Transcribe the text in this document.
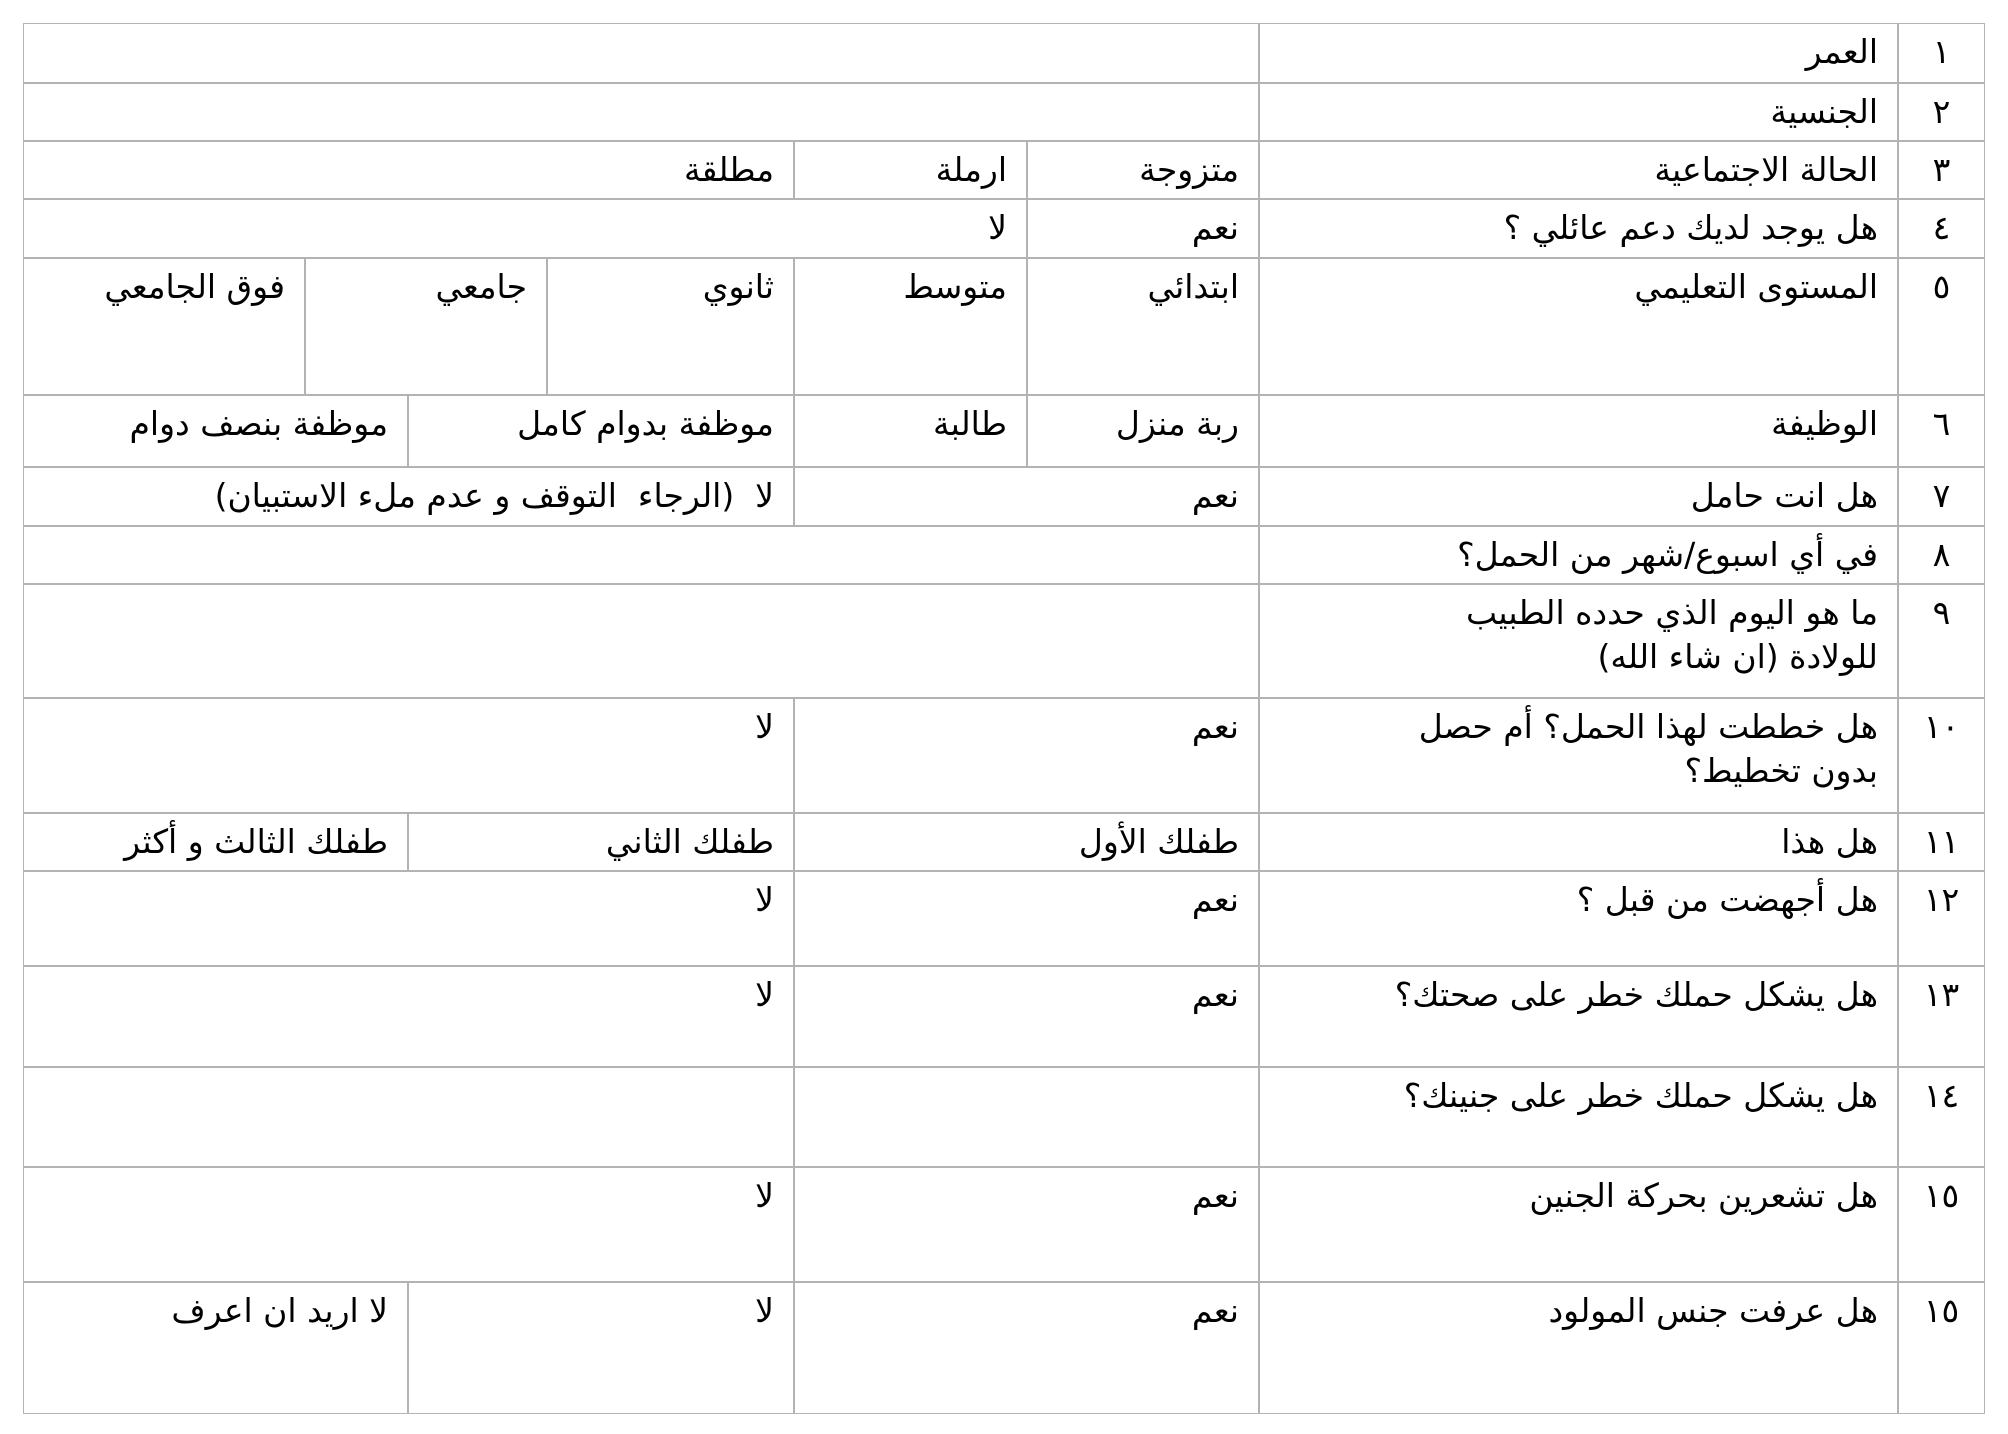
١
العمر
٢
الجنسية
٣
الحالة الاجتماعية
متزوجة
ارملة
مطلقة
٤
هل يوجد لديك دعم عائلي ؟
نعم
لا
٥
المستوى التعليمي
ابتدائي
متوسط
ثانوي
جامعي
فوق الجامعي
٦
الوظيفة
ربة منزل
طالبة
موظفة بدوام كامل
موظفة بنصف دوام
٧
هل انت حامل
نعم
لا  (الرجاء  التوقف و عدم ملء الاستبيان)
٨
في أي اسبوع/شهر من الحمل؟
٩
ما هو اليوم الذي حدده الطبيب
للولادة (ان شاء الله)
١٠
هل خططت لهذا الحمل؟ أم حصل
بدون تخطيط؟
نعم
لا
١١
هل هذا
طفلك الأول
طفلك الثاني
طفلك الثالث و أكثر
١٢
هل أجهضت من قبل ؟
نعم
لا
١٣
هل يشكل حملك خطر على صحتك؟
نعم
لا
١٤
هل يشكل حملك خطر على جنينك؟
١٥
هل تشعرين بحركة الجنين
نعم
لا
١٥
هل عرفت جنس المولود
نعم
لا
لا اريد ان اعرف
